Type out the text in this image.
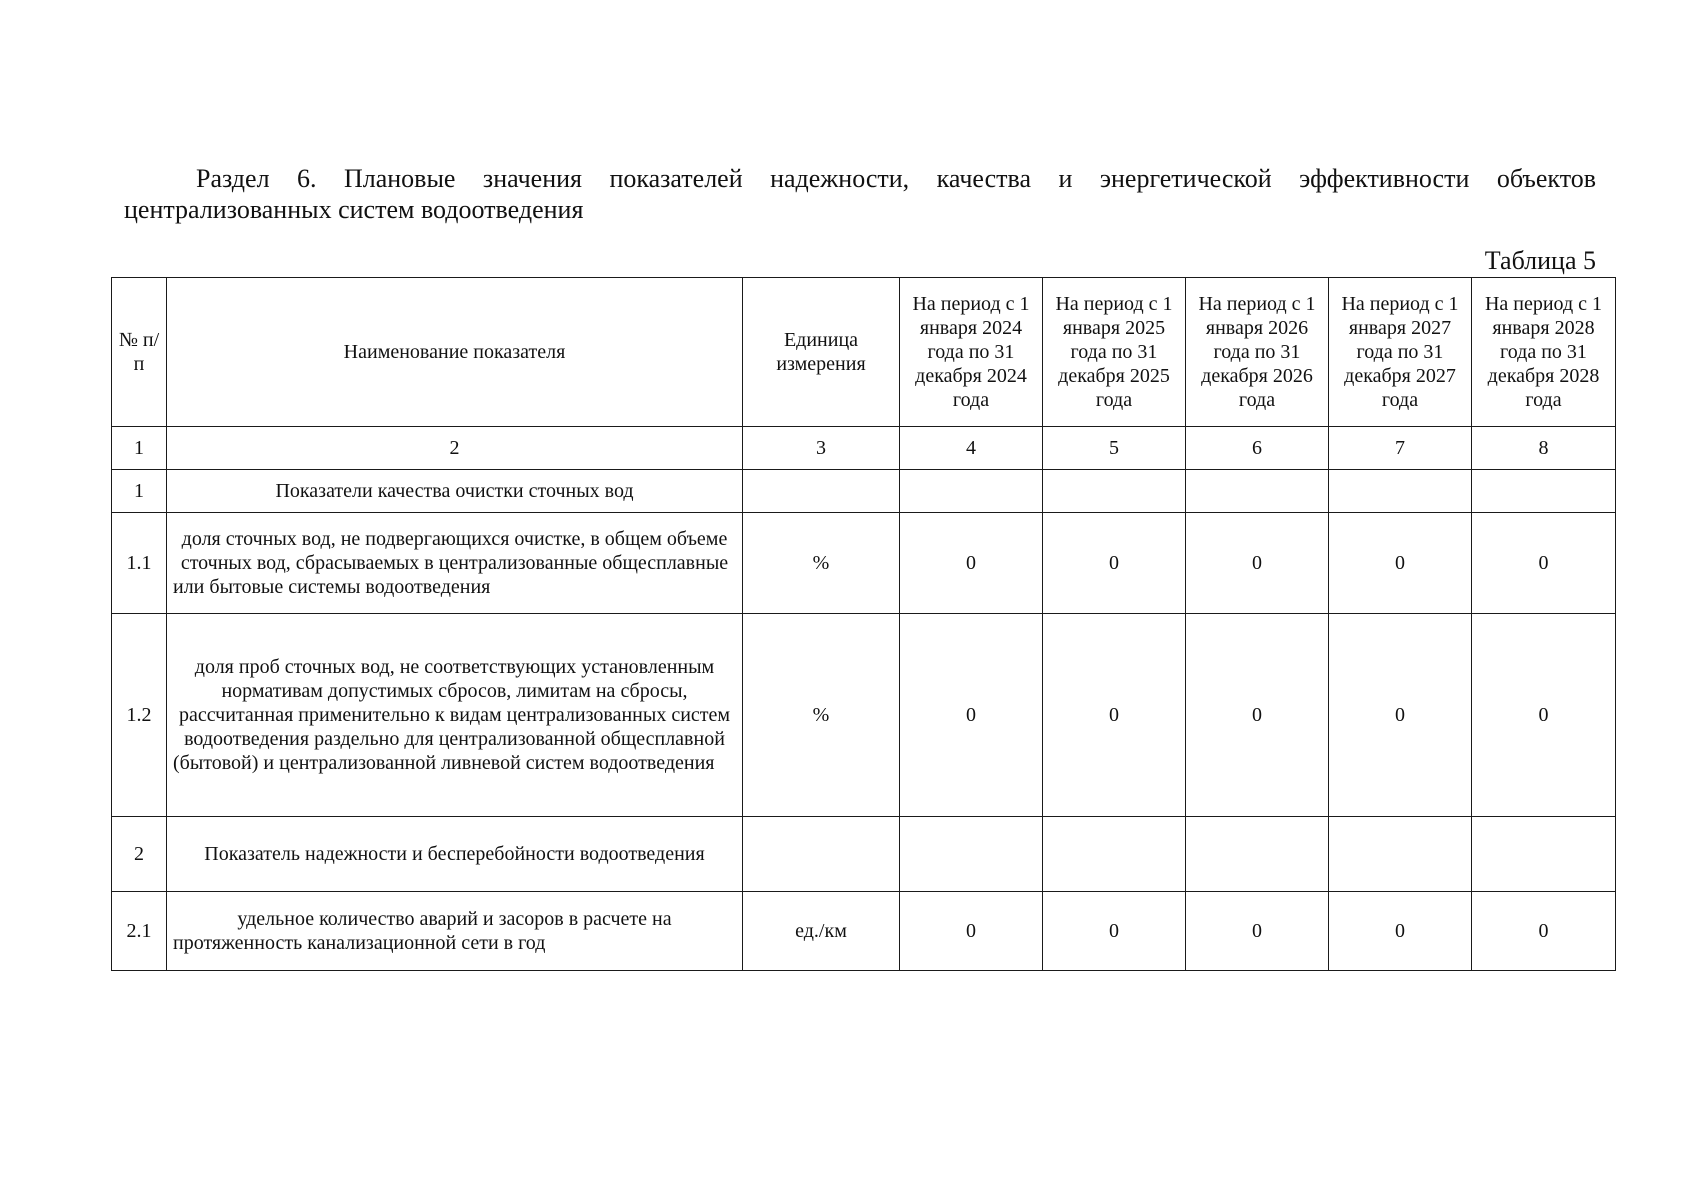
Раздел 6. Плановые значения показателей надежности, качества и энергетической эффективности объектов централизованных систем водоотведения
Таблица 5
№ п/п	Наименование показателя	Единица измерения	На период с 1 января 2024 года по 31 декабря 2024 года	На период с 1 января 2025 года по 31 декабря 2025 года	На период с 1 января 2026 года по 31 декабря 2026 года	На период с 1 января 2027 года по 31 декабря 2027 года	На период с 1 января 2028 года по 31 декабря 2028 года
1	2	3	4	5	6	7	8
1	Показатели качества очистки сточных вод						
1.1	доля сточных вод, не подвергающихся очистке, в общем объеме сточных вод, сбрасываемых в централизованные общесплавные или бытовые системы водоотведения	%	0	0	0	0	0
1.2	доля проб сточных вод, не соответствующих установленным нормативам допустимых сбросов, лимитам на сбросы, рассчитанная применительно к видам централизованных систем водоотведения раздельно для централизованной общесплавной (бытовой) и централизованной ливневой систем водоотведения	%	0	0	0	0	0
2	Показатель надежности и бесперебойности водоотведения						
2.1	удельное количество аварий и засоров в расчете на протяженность канализационной сети в год	ед./км	0	0	0	0	0
